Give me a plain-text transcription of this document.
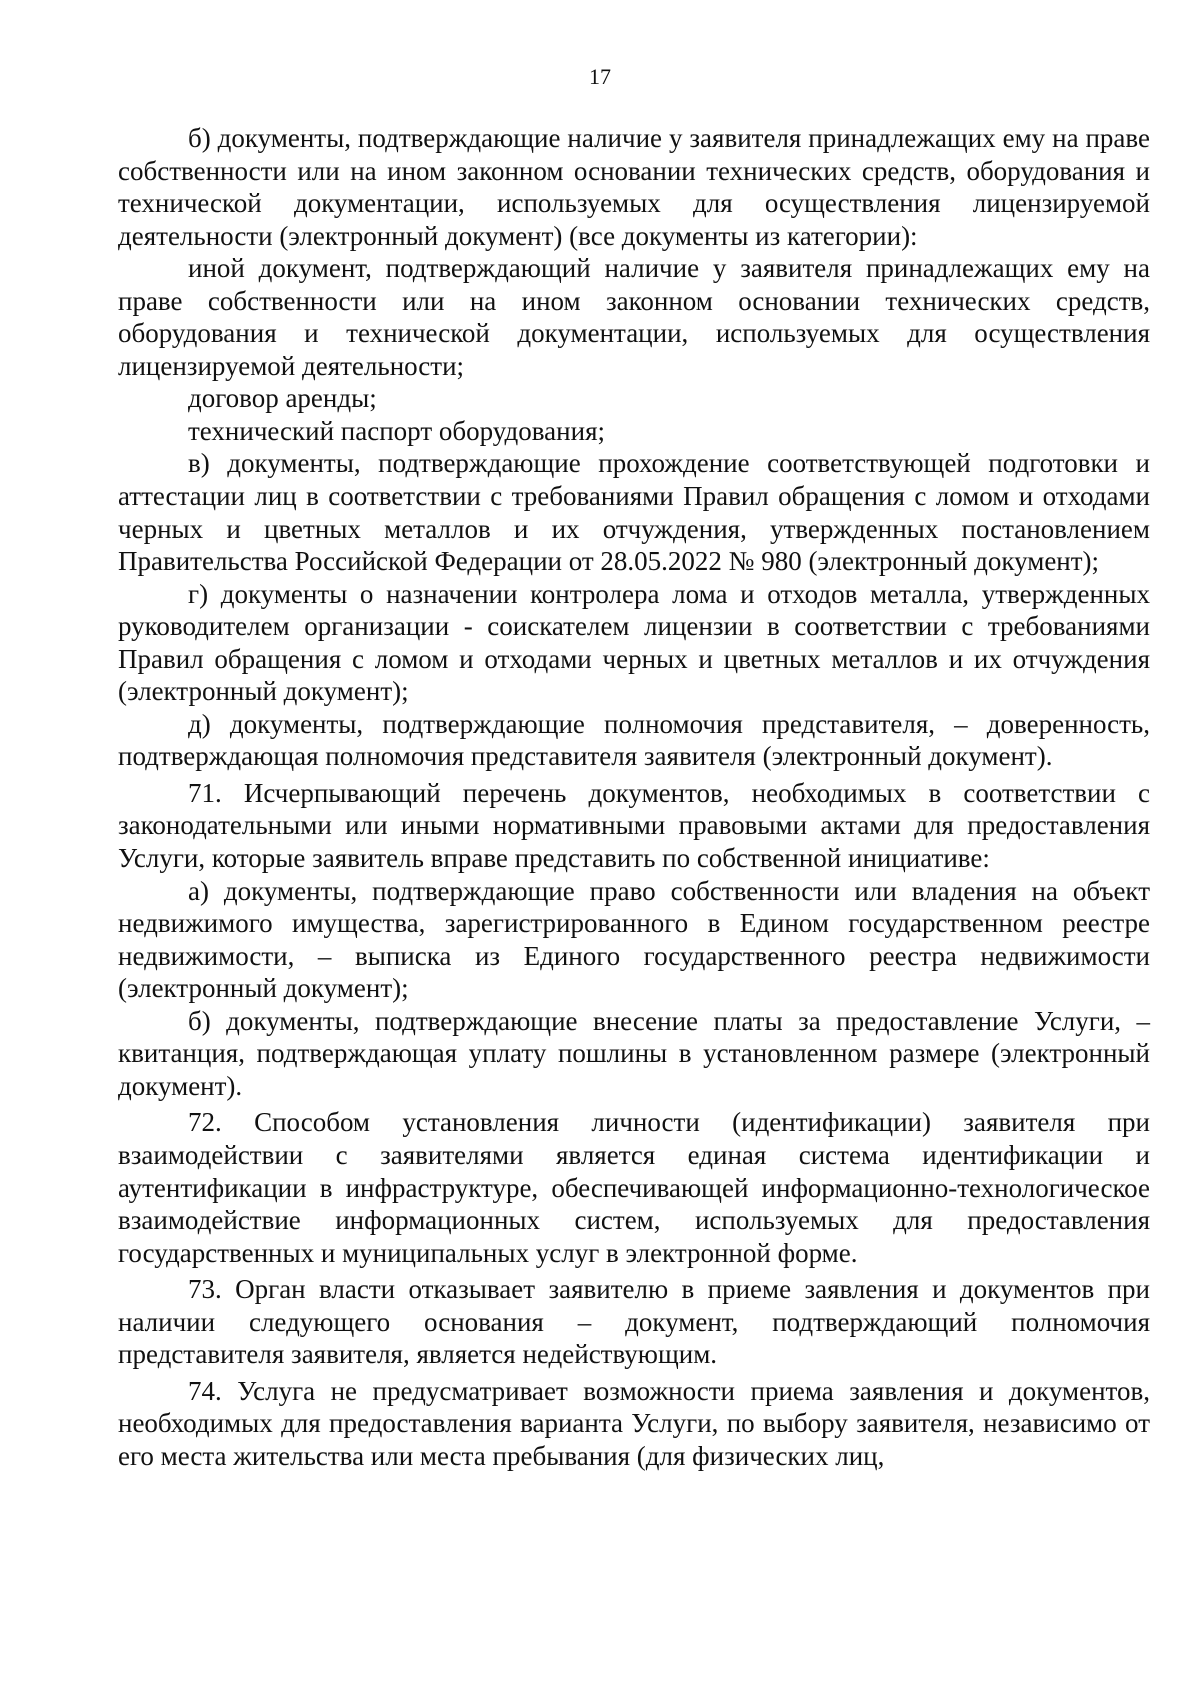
17

б) документы, подтверждающие наличие у заявителя принадлежащих ему на праве собственности или на ином законном основании технических средств, оборудования и технической документации, используемых для осуществления лицензируемой деятельности (электронный документ) (все документы из категории):

иной документ, подтверждающий наличие у заявителя принадлежащих ему на праве собственности или на ином законном основании технических средств, оборудования и технической документации, используемых для осуществления лицензируемой деятельности;

договор аренды;

технический паспорт оборудования;

в) документы, подтверждающие прохождение соответствующей подготовки и аттестации лиц в соответствии с требованиями Правил обращения с ломом и отходами черных и цветных металлов и их отчуждения, утвержденных постановлением Правительства Российской Федерации от 28.05.2022 № 980 (электронный документ);

г) документы о назначении контролера лома и отходов металла, утвержденных руководителем организации - соискателем лицензии в соответствии с требованиями Правил обращения с ломом и отходами черных и цветных металлов и их отчуждения (электронный документ);

д) документы, подтверждающие полномочия представителя, – доверенность, подтверждающая полномочия представителя заявителя (электронный документ).

71. Исчерпывающий перечень документов, необходимых в соответствии с законодательными или иными нормативными правовыми актами для предоставления Услуги, которые заявитель вправе представить по собственной инициативе:

а) документы, подтверждающие право собственности или владения на объект недвижимого имущества, зарегистрированного в Едином государственном реестре недвижимости, – выписка из Единого государственного реестра недвижимости (электронный документ);

б) документы, подтверждающие внесение платы за предоставление Услуги, – квитанция, подтверждающая уплату пошлины в установленном размере (электронный документ).

72. Способом установления личности (идентификации) заявителя при взаимодействии с заявителями является единая система идентификации и аутентификации в инфраструктуре, обеспечивающей информационно-технологическое взаимодействие информационных систем, используемых для предоставления государственных и муниципальных услуг в электронной форме.

73. Орган власти отказывает заявителю в приеме заявления и документов при наличии следующего основания – документ, подтверждающий полномочия представителя заявителя, является недействующим.

74. Услуга не предусматривает возможности приема заявления и документов, необходимых для предоставления варианта Услуги, по выбору заявителя, независимо от его места жительства или места пребывания (для физических лиц,
